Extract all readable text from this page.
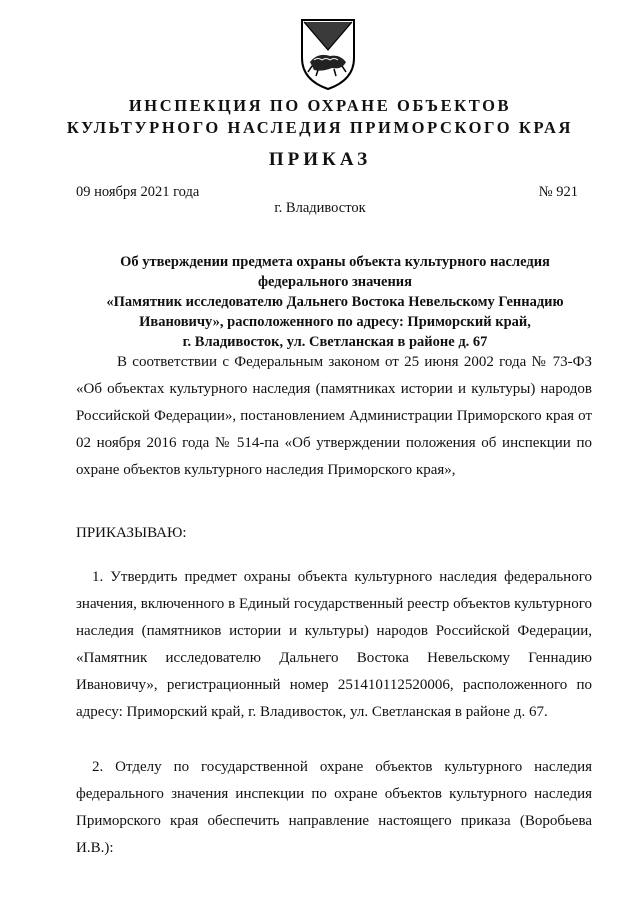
ИНСПЕКЦИЯ ПО ОХРАНЕ ОБЪЕКТОВ
КУЛЬТУРНОГО НАСЛЕДИЯ ПРИМОРСКОГО КРАЯ
ПРИКАЗ
09 ноября 2021 года	№ 921
г. Владивосток
Об утверждении предмета охраны объекта культурного наследия
федерального значения
«Памятник исследователю Дальнего Востока Невельскому Геннадию
Ивановичу», расположенного по адресу: Приморский край,
г. Владивосток, ул. Светланская в районе д. 67

В соответствии с Федеральным законом от 25 июня 2002 года № 73-ФЗ «Об объектах культурного наследия (памятниках истории и культуры) народов Российской Федерации», постановлением Администрации Приморского края от 02 ноября 2016 года № 514-па «Об утверждении положения об инспекции по охране объектов культурного наследия Приморского края»,

ПРИКАЗЫВАЮ:

1. Утвердить предмет охраны объекта культурного наследия федерального значения, включенного в Единый государственный реестр объектов культурного наследия (памятников истории и культуры) народов Российской Федерации, «Памятник исследователю Дальнего Востока Невельскому Геннадию Ивановичу», регистрационный номер 251410112520006, расположенного по адресу: Приморский край, г. Владивосток, ул. Светланская в районе д. 67.

2. Отделу по государственной охране объектов культурного наследия федерального значения инспекции по охране объектов культурного наследия Приморского края обеспечить направление настоящего приказа (Воробьева И.В.):
